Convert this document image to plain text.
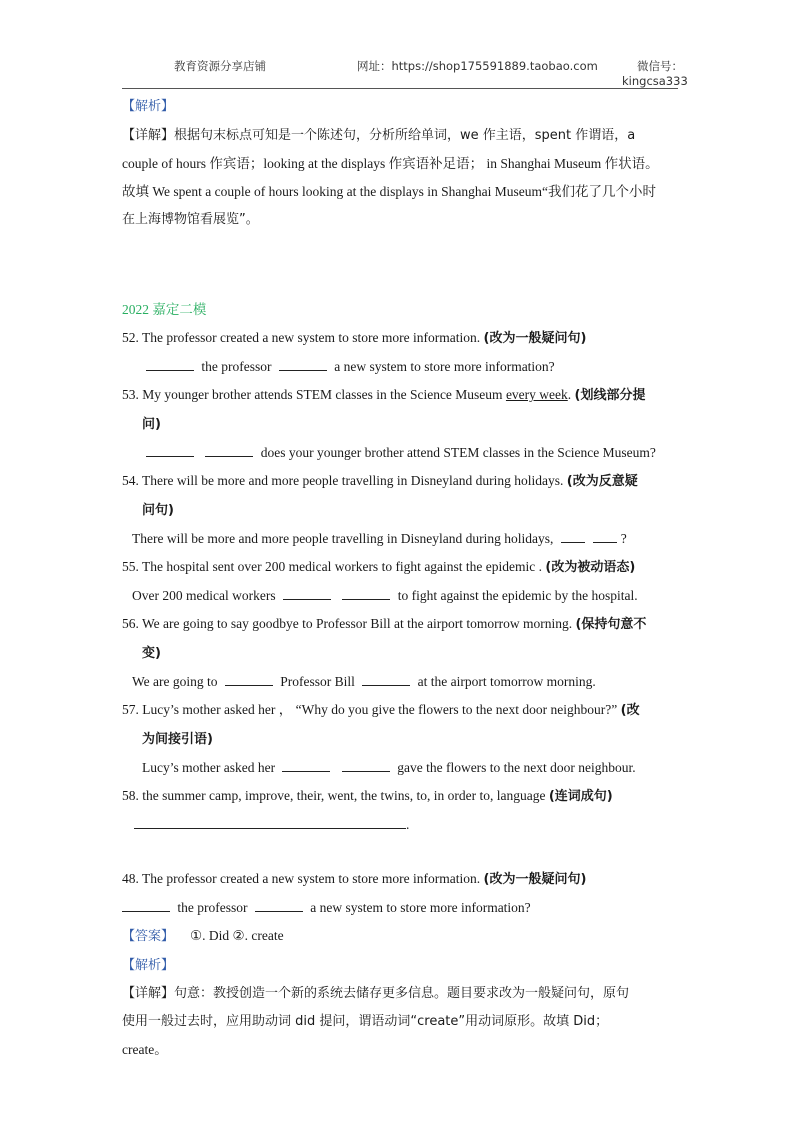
教育资源分享店铺	网址：https://shop175591889.taobao.com	微信号：
kingcsa333

【解析】

【详解】根据句末标点可知是一个陈述句，分析所给单词，we 作主语，spent 作谓语，a

couple of hours 作宾语；looking at the displays 作宾语补足语； in Shanghai Museum 作状语。

故填 We spent a couple of hours looking at the displays in Shanghai Museum“我们花了几个小时

在上海博物馆看展览”。

2022 嘉定二模

52. The professor created a new system to store more information. (改为一般疑问句)

the professor	a new system to store more information?

53. My younger brother attends STEM classes in the Science Museum every week. (划线部分提

问)

does your younger brother attend STEM classes in the Science Museum?

54. There will be more and more people travelling in Disneyland during holidays. (改为反意疑

问句)

There will be more and more people travelling in Disneyland during holidays,	?

55. The hospital sent over 200 medical workers to fight against the epidemic . (改为被动语态)

Over 200 medical workers	to fight against the epidemic by the hospital.

56. We are going to say goodbye to Professor Bill at the airport tomorrow morning. (保持句意不

变)

We are going to	Professor Bill	at the airport tomorrow morning.

57. Lucy’s mother asked her ， “Why do you give the flowers to the next door neighbour?” (改

为间接引语)

Lucy’s mother asked her	gave the flowers to the next door neighbour.

58. the summer camp, improve, their, went, the twins, to, in order to, language (连词成句)

.

48. The professor created a new system to store more information. (改为一般疑问句)

the professor	a new system to store more information?

【答案】 ①. Did ②. create

【解析】

【详解】句意：教授创造一个新的系统去储存更多信息。题目要求改为一般疑问句，原句

使用一般过去时，应用助动词 did 提问，谓语动词“create”用动词原形。故填 Did；

create。
